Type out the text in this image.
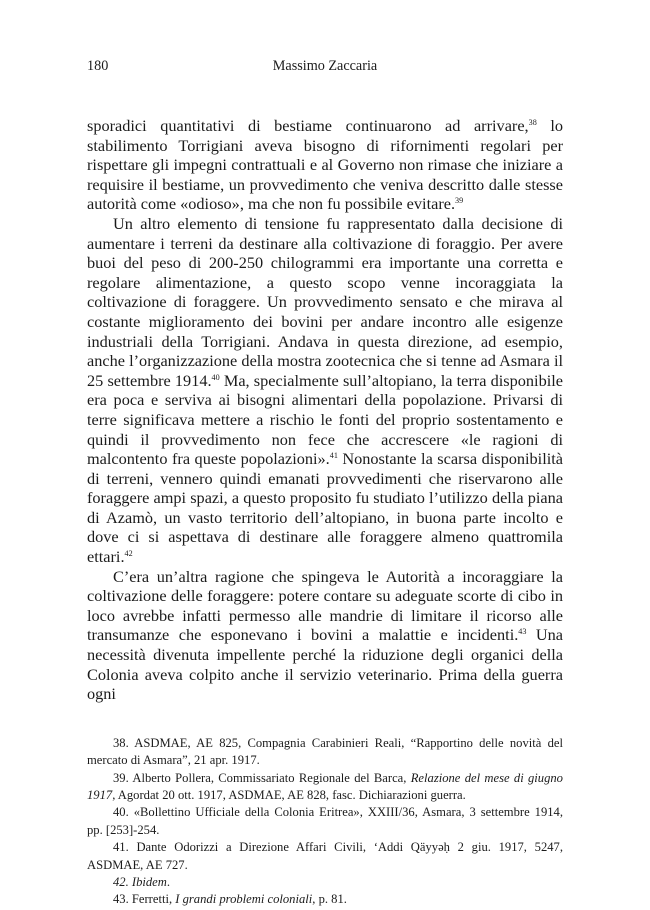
180	Massimo Zaccaria

sporadici quantitativi di bestiame continuarono ad arrivare,$^{38}$ lo stabilimento Torrigiani aveva bisogno di rifornimenti regolari per rispettare gli impegni contrattuali e al Governo non rimase che iniziare a requisire il bestiame, un provvedimento che veniva descritto dalle stesse autorità come «odioso», ma che non fu possibile evitare.$^{39}$

Un altro elemento di tensione fu rappresentato dalla decisione di aumentare i terreni da destinare alla coltivazione di foraggio. Per avere buoi del peso di 200-250 chilogrammi era importante una corretta e regolare alimentazione, a questo scopo venne incoraggiata la coltivazione di foraggere. Un provvedimento sensato e che mirava al costante miglioramento dei bovini per andare incontro alle esigenze industriali della Torrigiani. Andava in questa direzione, ad esempio, anche l’organizzazione della mostra zootecnica che si tenne ad Asmara il 25 settembre 1914.40 Ma, specialmente sull’altopiano, la terra disponibile era poca e serviva ai bisogni alimentari della popolazione. Privarsi di terre significava mettere a rischio le fonti del proprio sostentamento e quindi il provvedimento non fece che accrescere «le ragioni di malcontento fra queste popolazioni».$^{41}$ Nonostante la scarsa disponibilità di terreni, vennero quindi emanati provvedimenti che riservarono alle foraggere ampi spazi, a questo proposito fu studiato l’utilizzo della piana di Azamò, un vasto territorio dell’altopiano, in buona parte incolto e dove ci si aspettava di destinare alle foraggere almeno quattromila ettari.$^{42}$

C’era un’altra ragione che spingeva le Autorità a incoraggiare la coltivazione delle foraggere: potere contare su adeguate scorte di cibo in loco avrebbe infatti permesso alle mandrie di limitare il ricorso alle transumanze che esponevano i bovini a malattie e incidenti.$^{43}$ Una necessità divenuta impellente perché la riduzione degli organici della Colonia aveva colpito anche il servizio veterinario. Prima della guerra ogni

38. ASDMAE, AE 825, Compagnia Carabinieri Reali, “Rapportino delle novità del mercato di Asmara”, 21 apr. 1917.

39. Alberto Pollera, Commissariato Regionale del Barca, Relazione del mese di giugno 1917, Agordat 20 ott. 1917, ASDMAE, AE 828, fasc. Dichiarazioni guerra.

40. «Bollettino Ufficiale della Colonia Eritrea», XXIII/36, Asmara, 3 settembre 1914, pp. [253]-254.

41. Dante Odorizzi a Direzione Affari Civili, ‘Addi Qäyyəḥ 2 giu. 1917, 5247, ASDMAE, AE 727.

42. Ibidem.

43. Ferretti, I grandi problemi coloniali, p. 81.
